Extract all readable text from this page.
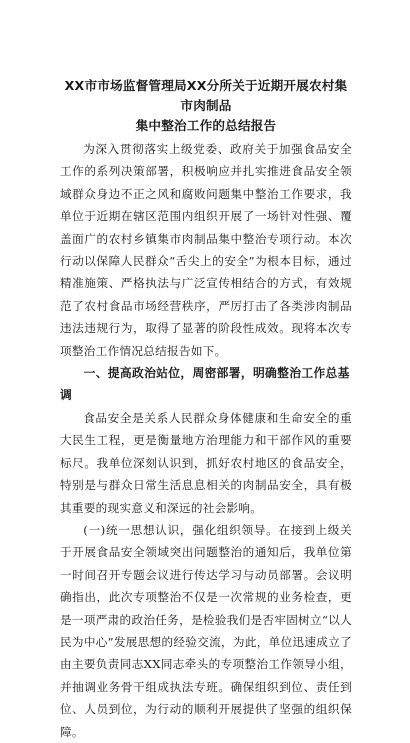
XX市市场监督管理局XX分所关于近期开展农村集市肉制品
集中整治工作的总结报告

为深入贯彻落实上级党委、政府关于加强食品安全工作的系列决策部署，积极响应并扎实推进食品安全领域群众身边不正之风和腐败问题集中整治工作要求，我单位于近期在辖区范围内组织开展了一场针对性强、覆盖面广的农村乡镇集市肉制品集中整治专项行动。本次行动以保障人民群众“舌尖上的安全”为根本目标，通过精准施策、严格执法与广泛宣传相结合的方式，有效规范了农村食品市场经营秩序，严厉打击了各类涉肉制品违法违规行为，取得了显著的阶段性成效。现将本次专项整治工作情况总结报告如下。

一、提高政治站位，周密部署，明确整治工作总基调

食品安全是关系人民群众身体健康和生命安全的重大民生工程，更是衡量地方治理能力和干部作风的重要标尺。我单位深刻认识到，抓好农村地区的食品安全，特别是与群众日常生活息息相关的肉制品安全，具有极其重要的现实意义和深远的社会影响。

(一)统一思想认识，强化组织领导。在接到上级关于开展食品安全领域突出问题整治的通知后，我单位第一时间召开专题会议进行传达学习与动员部署。会议明确指出，此次专项整治不仅是一次常规的业务检查，更是一项严肃的政治任务，是检验我们是否牢固树立“以人民为中心”发展思想的经验交流，为此，单位迅速成立了由主要负责同志XX同志牵头的专项整治工作领导小组，并抽调业务骨干组成执法专班。确保组织到位、责任到位、人员到位，为行动的顺利开展提供了坚强的组织保障。
